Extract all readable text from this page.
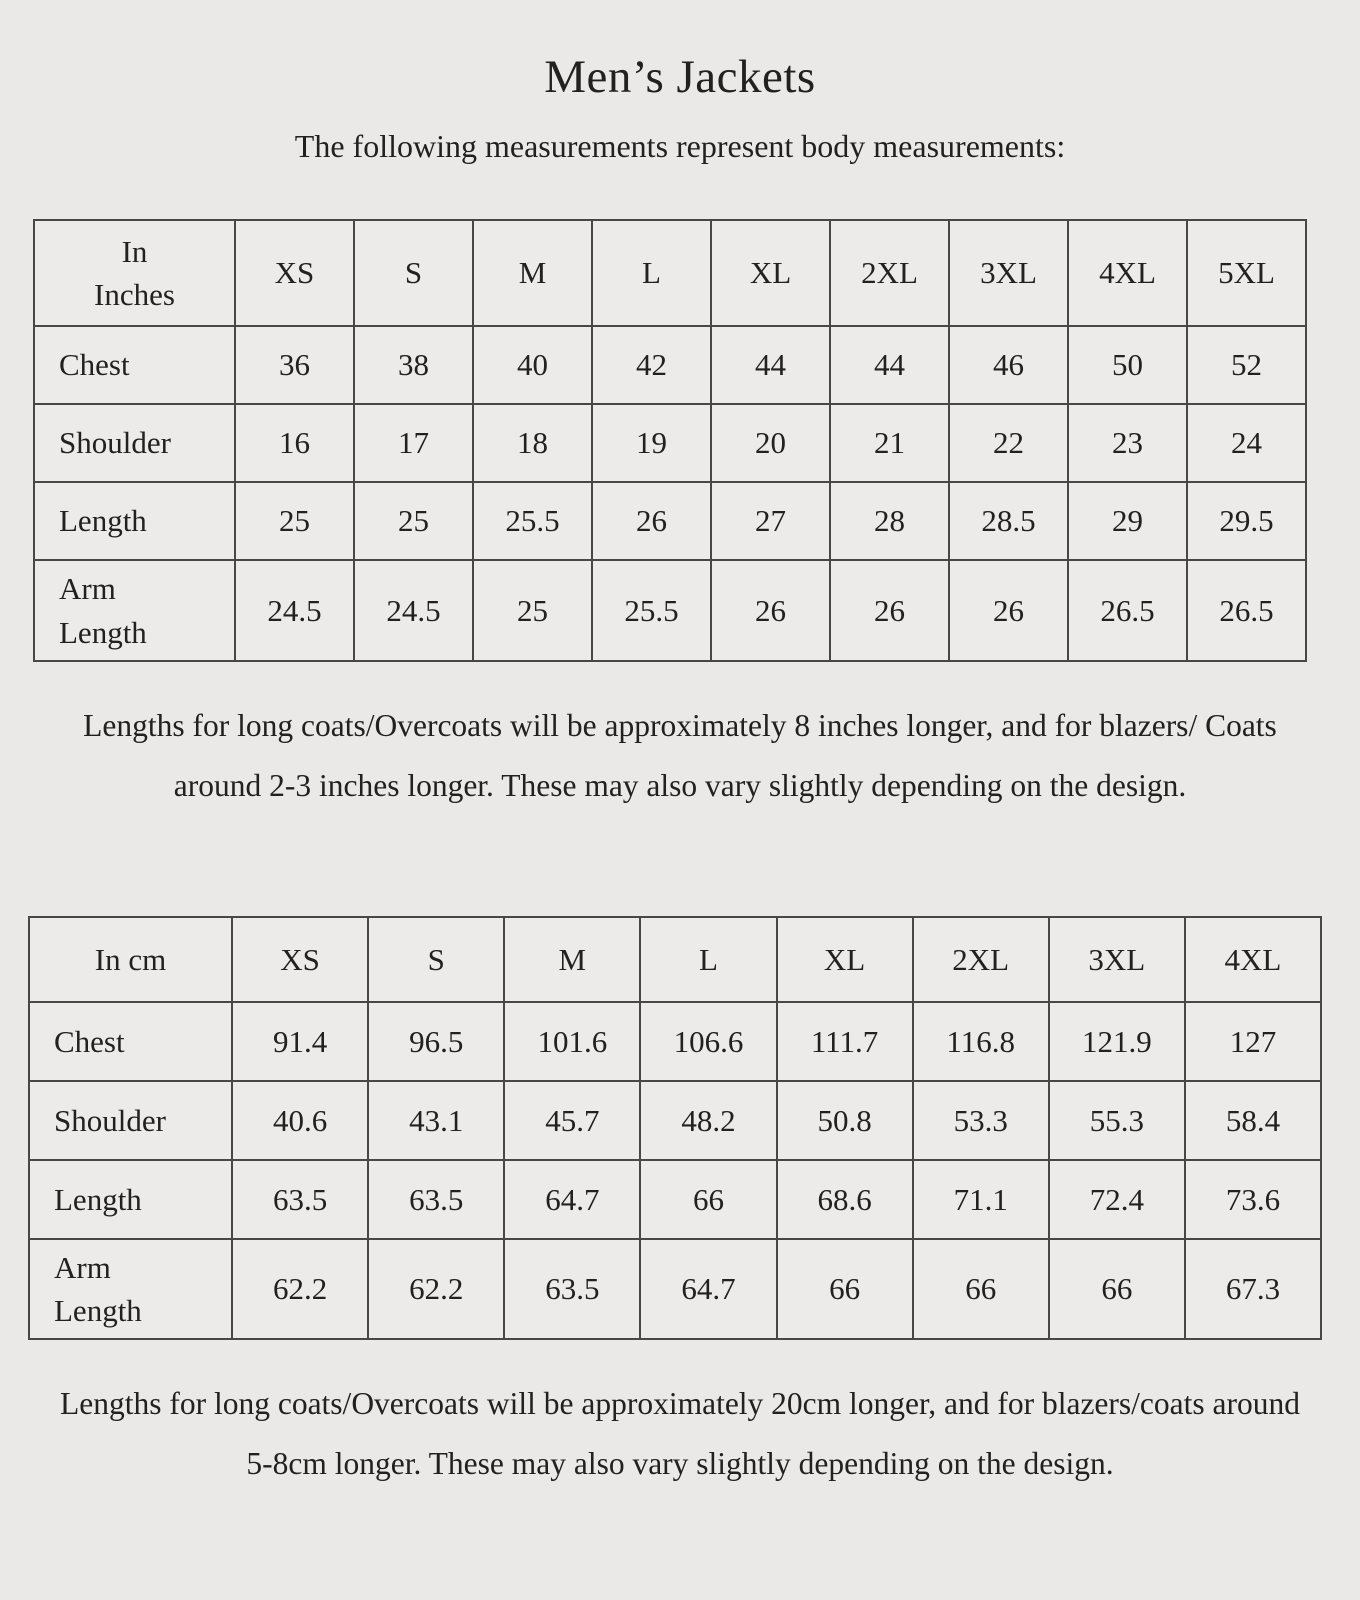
Men’s Jackets

The following measurements represent body measurements:

In Inches	XS	S	M	L	XL	2XL	3XL	4XL	5XL
Chest	36	38	40	42	44	44	46	50	52
Shoulder	16	17	18	19	20	21	22	23	24
Length	25	25	25.5	26	27	28	28.5	29	29.5
Arm Length	24.5	24.5	25	25.5	26	26	26	26.5	26.5

Lengths for long coats/Overcoats will be approximately 8 inches longer, and for blazers/ Coats around 2-3 inches longer. These may also vary slightly depending on the design.

In cm	XS	S	M	L	XL	2XL	3XL	4XL
Chest	91.4	96.5	101.6	106.6	111.7	116.8	121.9	127
Shoulder	40.6	43.1	45.7	48.2	50.8	53.3	55.3	58.4
Length	63.5	63.5	64.7	66	68.6	71.1	72.4	73.6
Arm Length	62.2	62.2	63.5	64.7	66	66	66	67.3

Lengths for long coats/Overcoats will be approximately 20cm longer, and for blazers/coats around 5-8cm longer. These may also vary slightly depending on the design.
